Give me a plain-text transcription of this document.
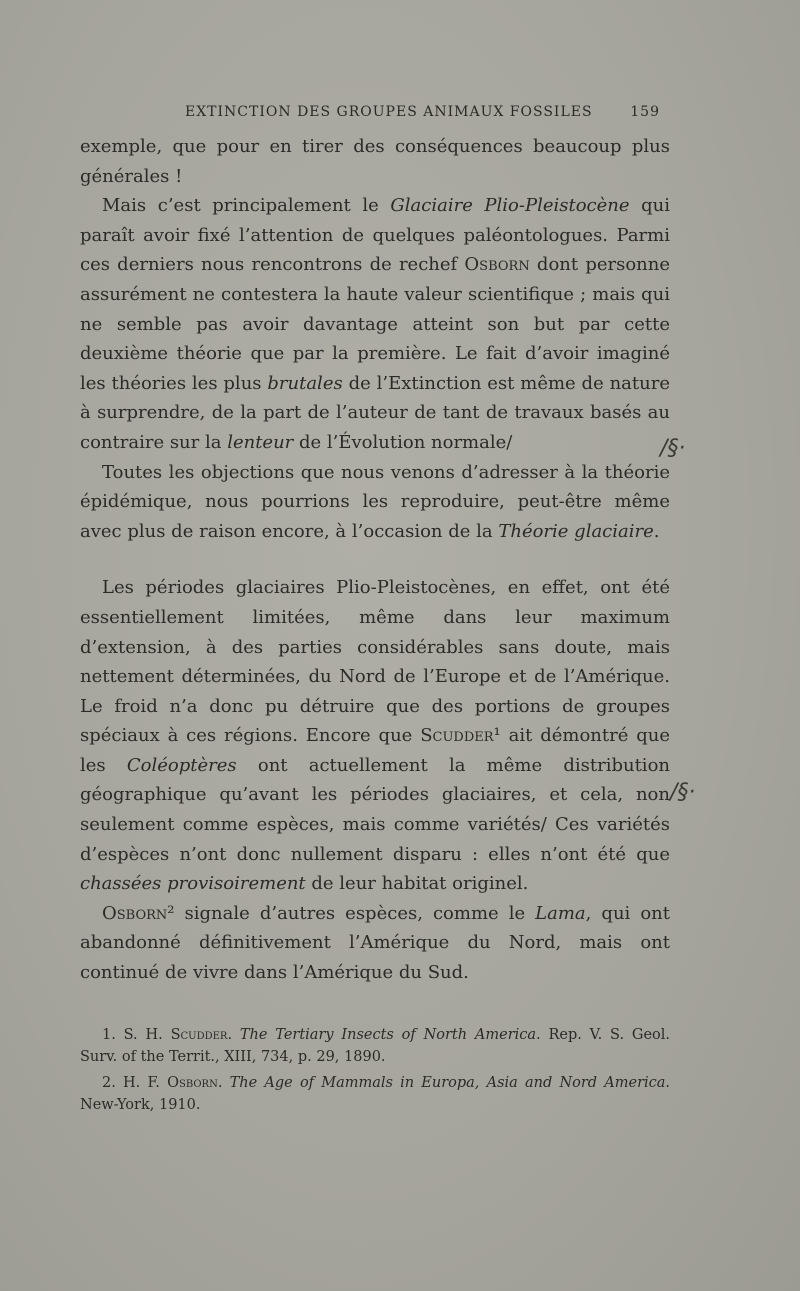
EXTINCTION DES GROUPES ANIMAUX FOSSILES	159

exemple, que pour en tirer des conséquences beaucoup plus générales !

Mais c’est principalement le Glaciaire Plio-Pleistocène qui paraît avoir fixé l’attention de quelques paléontologues. Parmi ces derniers nous rencontrons de rechef Osborn dont personne assurément ne contestera la haute valeur scientifique ; mais qui ne semble pas avoir davantage atteint son but par cette deuxième théorie que par la première. Le fait d’avoir imaginé les théories les plus brutales de l’Extinction est même de nature à surprendre, de la part de l’auteur de tant de travaux basés au contraire sur la lenteur de l’Évolution normale/

Toutes les objections que nous venons d’adresser à la théorie épidémique, nous pourrions les reproduire, peut-être même avec plus de raison encore, à l’occasion de la Théorie glaciaire.

Les périodes glaciaires Plio-Pleistocènes, en effet, ont été essentiellement limitées, même dans leur maximum d’extension, à des parties considérables sans doute, mais nettement déterminées, du Nord de l’Europe et de l’Amérique. Le froid n’a donc pu détruire que des portions de groupes spéciaux à ces régions. Encore que Scudder¹ ait démontré que les Coléoptères ont actuellement la même distribution géographique qu’avant les périodes glaciaires, et cela, non seulement comme espèces, mais comme variétés/ Ces variétés d’espèces n’ont donc nullement disparu : elles n’ont été que chassées provisoirement de leur habitat originel.

Osborn² signale d’autres espèces, comme le Lama, qui ont abandonné définitivement l’Amérique du Nord, mais ont continué de vivre dans l’Amérique du Sud.

1. S. H. Scudder. The Tertiary Insects of North America. Rep. V. S. Geol. Surv. of the Territ., XIII, 734, p. 29, 1890.

2. H. F. Osborn. The Age of Mammals in Europa, Asia and Nord America. New-York, 1910.

/§·
/§·
